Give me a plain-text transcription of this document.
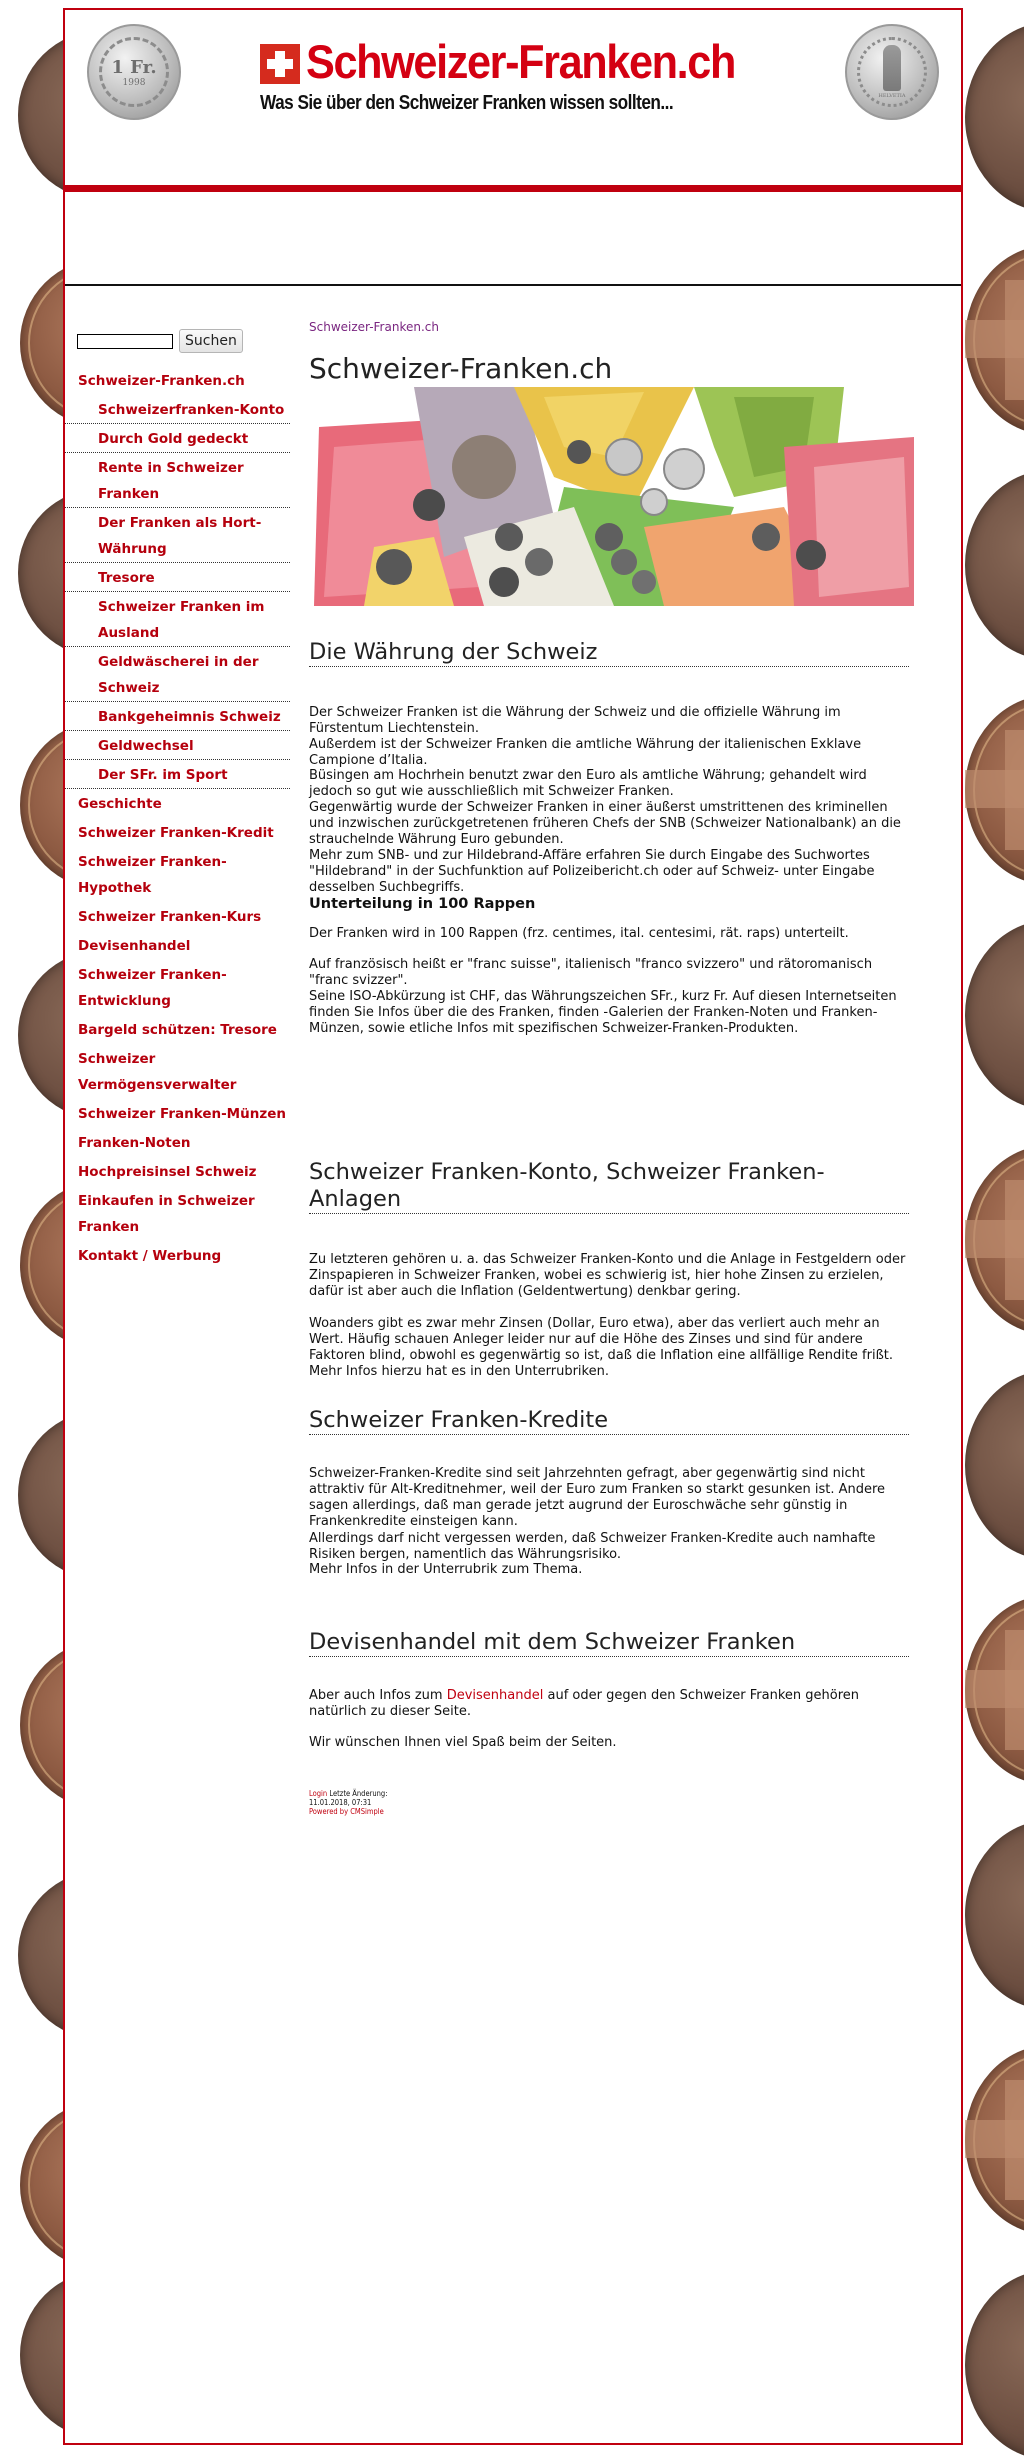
1 Fr.
1998	Schweizer-Franken.ch
Was Sie über den Schweizer Franken wissen sollten...	HELVETIA
Suchen
Schweizer-Franken.ch
Schweizerfranken-Konto
Durch Gold gedeckt
Rente in Schweizer Franken
Der Franken als Hort-Währung
Tresore
Schweizer Franken im Ausland
Geldwäscherei in der Schweiz
Bankgeheimnis Schweiz
Geldwechsel
Der SFr. im Sport
Geschichte
Schweizer Franken-Kredit
Schweizer Franken-Hypothek
Schweizer Franken-Kurs
Devisenhandel
Schweizer Franken-Entwicklung
Bargeld schützen: Tresore
Schweizer Vermögensverwalter
Schweizer Franken-Münzen
Franken-Noten
Hochpreisinsel Schweiz
Einkaufen in Schweizer Franken
Kontakt / Werbung
Schweizer-Franken.ch
Schweizer-Franken.ch
Die Währung der Schweiz

Der Schweizer Franken ist die Währung der Schweiz und die offizielle Währung im Fürstentum Liechtenstein.

Außerdem ist der Schweizer Franken die amtliche Währung der italienischen Exklave Campione d’Italia.

Büsingen am Hochrhein benutzt zwar den Euro als amtliche Währung; gehandelt wird jedoch so gut wie ausschließlich mit Schweizer Franken.

Gegenwärtig wurde der Schweizer Franken in einer äußerst umstrittenen des kriminellen und inzwischen zurückgetretenen früheren Chefs der SNB (Schweizer Nationalbank) an die strauchelnde Währung Euro gebunden.

Mehr zum SNB- und zur Hildebrand-Affäre erfahren Sie durch Eingabe des Suchwortes "Hildebrand" in der Suchfunktion auf Polizeibericht.ch oder auf Schweiz- unter Eingabe desselben Suchbegriffs.

Unterteilung in 100 Rappen

Der Franken wird in 100 Rappen (frz. centimes, ital. centesimi, rät. raps) unterteilt.

Auf französisch heißt er "franc suisse", italienisch "franco svizzero" und rätoromanisch "franc svizzer".

Seine ISO-Abkürzung ist CHF, das Währungszeichen SFr., kurz Fr. Auf diesen Internetseiten finden Sie Infos über die des Franken, finden -Galerien der Franken-Noten und Franken-Münzen, sowie etliche Infos mit spezifischen Schweizer-Franken-Produkten.

Schweizer Franken-Konto, Schweizer Franken-Anlagen

Zu letzteren gehören u. a. das Schweizer Franken-Konto und die Anlage in Festgeldern oder Zinspapieren in Schweizer Franken, wobei es schwierig ist, hier hohe Zinsen zu erzielen, dafür ist aber auch die Inflation (Geldentwertung) denkbar gering.

Woanders gibt es zwar mehr Zinsen (Dollar, Euro etwa), aber das verliert auch mehr an Wert. Häufig schauen Anleger leider nur auf die Höhe des Zinses und sind für andere Faktoren blind, obwohl es gegenwärtig so ist, daß die Inflation eine allfällige Rendite frißt. Mehr Infos hierzu hat es in den Unterrubriken.

Schweizer Franken-Kredite

Schweizer-Franken-Kredite sind seit Jahrzehnten gefragt, aber gegenwärtig sind nicht attraktiv für Alt-Kreditnehmer, weil der Euro zum Franken so starkt gesunken ist. Andere sagen allerdings, daß man gerade jetzt augrund der Euroschwäche sehr günstig in Frankenkredite einsteigen kann.

Allerdings darf nicht vergessen werden, daß Schweizer Franken-Kredite auch namhafte Risiken bergen, namentlich das Währungsrisiko.

Mehr Infos in der Unterrubrik zum Thema.

Devisenhandel mit dem Schweizer Franken

Aber auch Infos zum Devisenhandel auf oder gegen den Schweizer Franken gehören natürlich zu dieser Seite.

Wir wünschen Ihnen viel Spaß beim der Seiten.

Login Letzte Änderung:
11.01.2018, 07:31
Powered by CMSimple
